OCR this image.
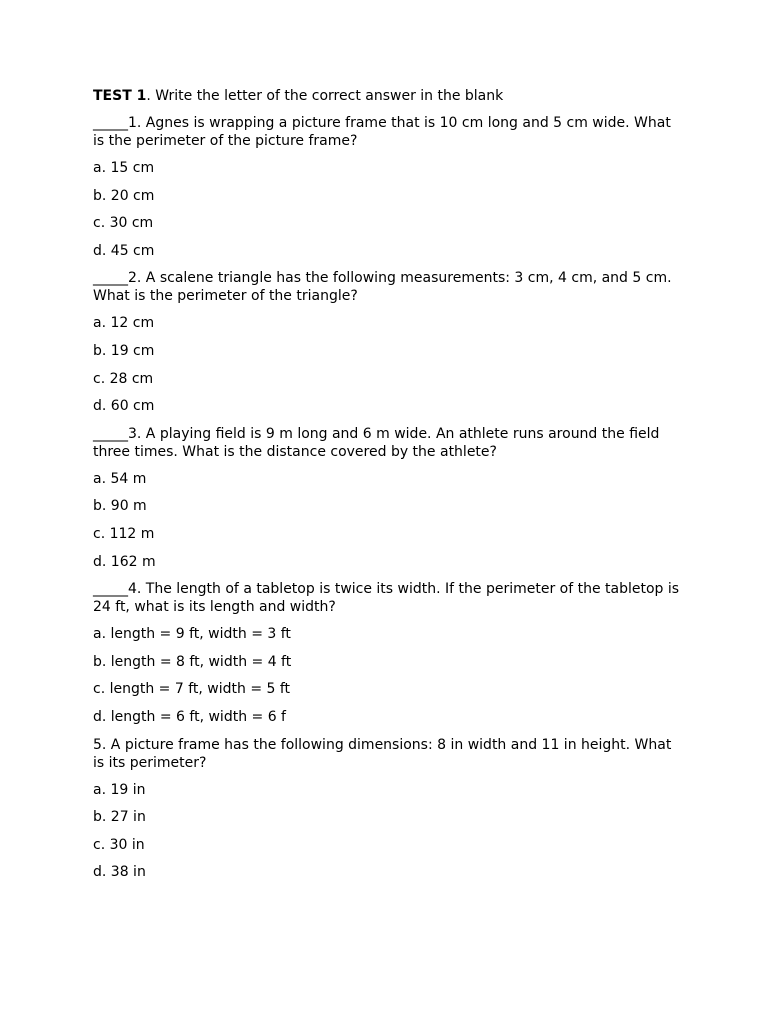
TEST 1. Write the letter of the correct answer in the blank

_____1. Agnes is wrapping a picture frame that is 10 cm long and 5 cm wide. What is the perimeter of the picture frame?

a. 15 cm

b. 20 cm

c. 30 cm

d. 45 cm

_____2. A scalene triangle has the following measurements: 3 cm, 4 cm, and 5 cm. What is the perimeter of the triangle?

a. 12 cm

b. 19 cm

c. 28 cm

d. 60 cm

_____3. A playing field is 9 m long and 6 m wide. An athlete runs around the field three times. What is the distance covered by the athlete?

a. 54 m

b. 90 m

c. 112 m

d. 162 m

_____4. The length of a tabletop is twice its width. If the perimeter of the tabletop is 24 ft, what is its length and width?

a. length = 9 ft, width = 3 ft

b. length = 8 ft, width = 4 ft

c. length = 7 ft, width = 5 ft

d. length = 6 ft, width = 6 f

5. A picture frame has the following dimensions: 8 in width and 11 in height. What is its perimeter?

a. 19 in

b. 27 in

c. 30 in

d. 38 in
